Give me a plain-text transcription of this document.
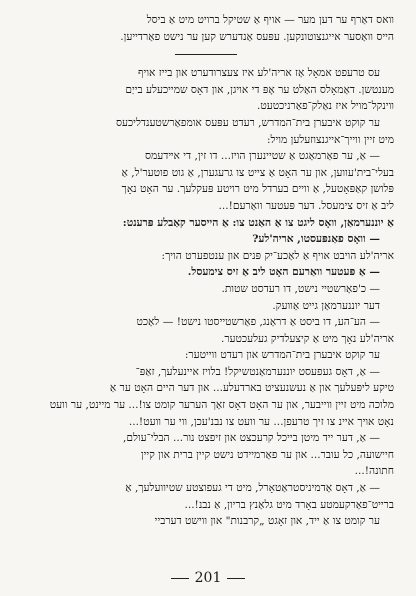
וואס דאַרף ער דען מער — אויף אַ שטיקל ברויט מיט אַ ביסל
הייס וואַסער אייגנצוטונקען. עפּעס אַנדערש קען ער נישט פאַרדייען.
עס טרעפט אמאָל אַז אריה'לע איז צעצרודערט און בייז אויף
מענטשן. דאַמאָלס האַלט ער אָפּ די אויגן, און דאָס שמייכעלע בייַם
ווינקל־מויל איז נאַלק־פאַרניכטעט.
ער קוקט איבערן בית־המדרש, רעדט עפּעס אומפאַרשטענדליכעס
מיט זיין ווייך־אייגנצוזעלען מויל:
— אַ, ער פאַרמאַגט אַ שטיינערן הויז... דו זין, די אײדעמס
בעלי־בית'עווען, און ער האָט אַ צייט צו גרעגערן, אַ גוט פוטער'ל, אַ
פּלושן קאַפּאָטעל, אַ וויים בערדל מיט רויטע פּעקלעך. ער האָט נאָך
ליב אַ זיס צימעסל. דער פּעטער וואַרעם!...
אַ יוננערמאַן, וואָס ליגט צו אַ האַנט צו: אַ הייסער קאַבלע פּרענט:
— וואָס פאַנפּעסטו, אריה'לע?
אריה'לע הויבט אויף אַ לאַכע־יק פּנים און ענטפערט הויך:
— אַ פּעטער וואַרעם האָט ליב אַ זיס צימעסל.
— כ'פאַרשטיי נישט, דו רעדסט שטות.
דער יוננערמאַן גייט אַוועק.
— הע־הע, דו ביסט אַ דראַנג, פאַרשטייסטו נישט! — לאַכט
אריה'לע נאָך מיט אַ קיצעלדיק געלעכטער.
ער קוקט איבערן בית־המדרש און רעדט ווייטער:
— אַ, דאָס געפעסט יוננערמאַנטשיקל! בלויז איינעלעך, זאַפּ־
טיקע ליפּעלעך און אַ נעשנעציט בארדעלע... און דער היים האָט ער אַ
מלוכה מיט זיין ווייבער, און ער האָט דאָס זאַך הערער קומט צו!... ער מיינט, ער וועט
נאָט אויך איינ צו זיך טרעפן... ער וועט צו נבנ'עכן, ווי ער וועט!...
— אַ, דער ייד מיטן בייכל קרעכצט און זיפצט נור... הבלי־עולם,
חיישועה, כל עובר... און ער פאַרמיידט נישט קיין ברית און קיין
חתונה!...
— אַ, דאָס אַדמיניסטראַטאָרל, מיט די געפוצטע שטיוועלעך, אַ
ברייט־פאַרקעמטע באָרד מיט גלאַנץ בריון, אַ נבנ!...
ער קומט צו אַ ייד, און זאָגט „קרבנות" און ווישט דערביי
201
